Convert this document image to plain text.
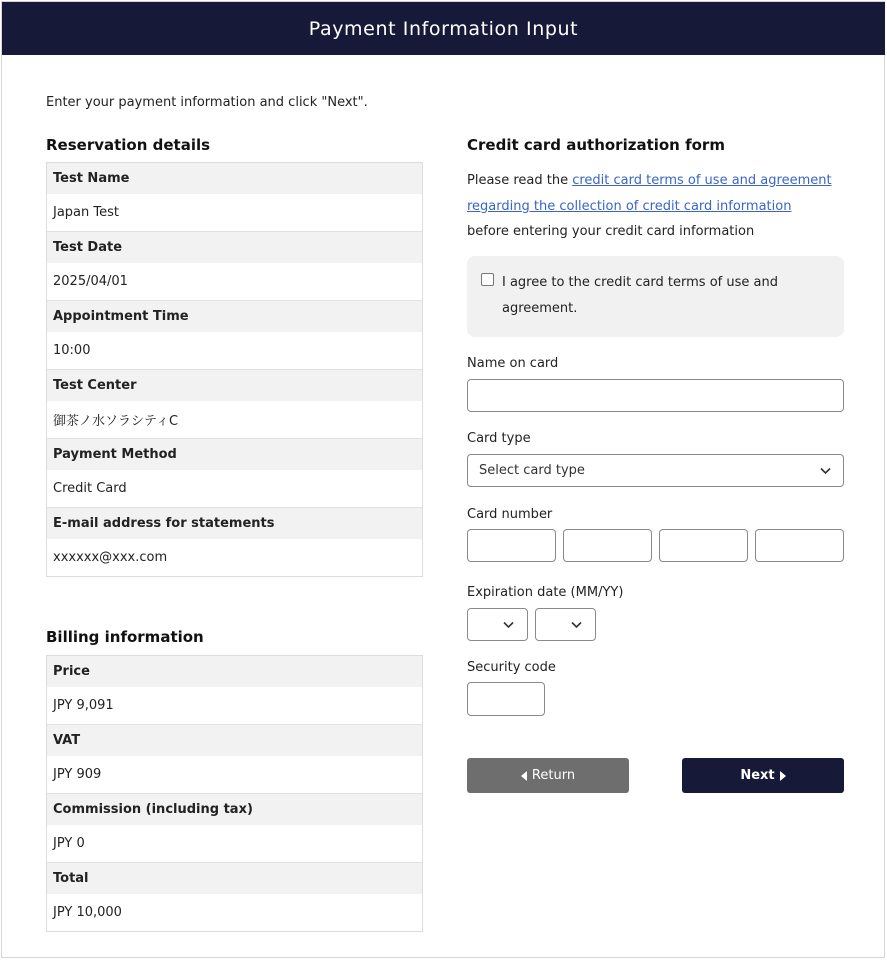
Payment Information Input
Enter your payment information and click "Next".
Reservation details
Test Name
Japan Test
Test Date
2025/04/01
Appointment Time
10:00
Test Center
御茶ノ水ソラシティC
Payment Method
Credit Card
E-mail address for statements
xxxxxx@xxx.com
Billing information
Price
JPY 9,091
VAT
JPY 909
Commission (including tax)
JPY 0
Total
JPY 10,000
Credit card authorization form
Please read the credit card terms of use and agreement regarding the collection of credit card information
before entering your credit card information
I agree to the credit card terms of use and agreement.
Name on card
Card type
Select card type
Card number
Expiration date (MM/YY)
Security code
Return	Next
